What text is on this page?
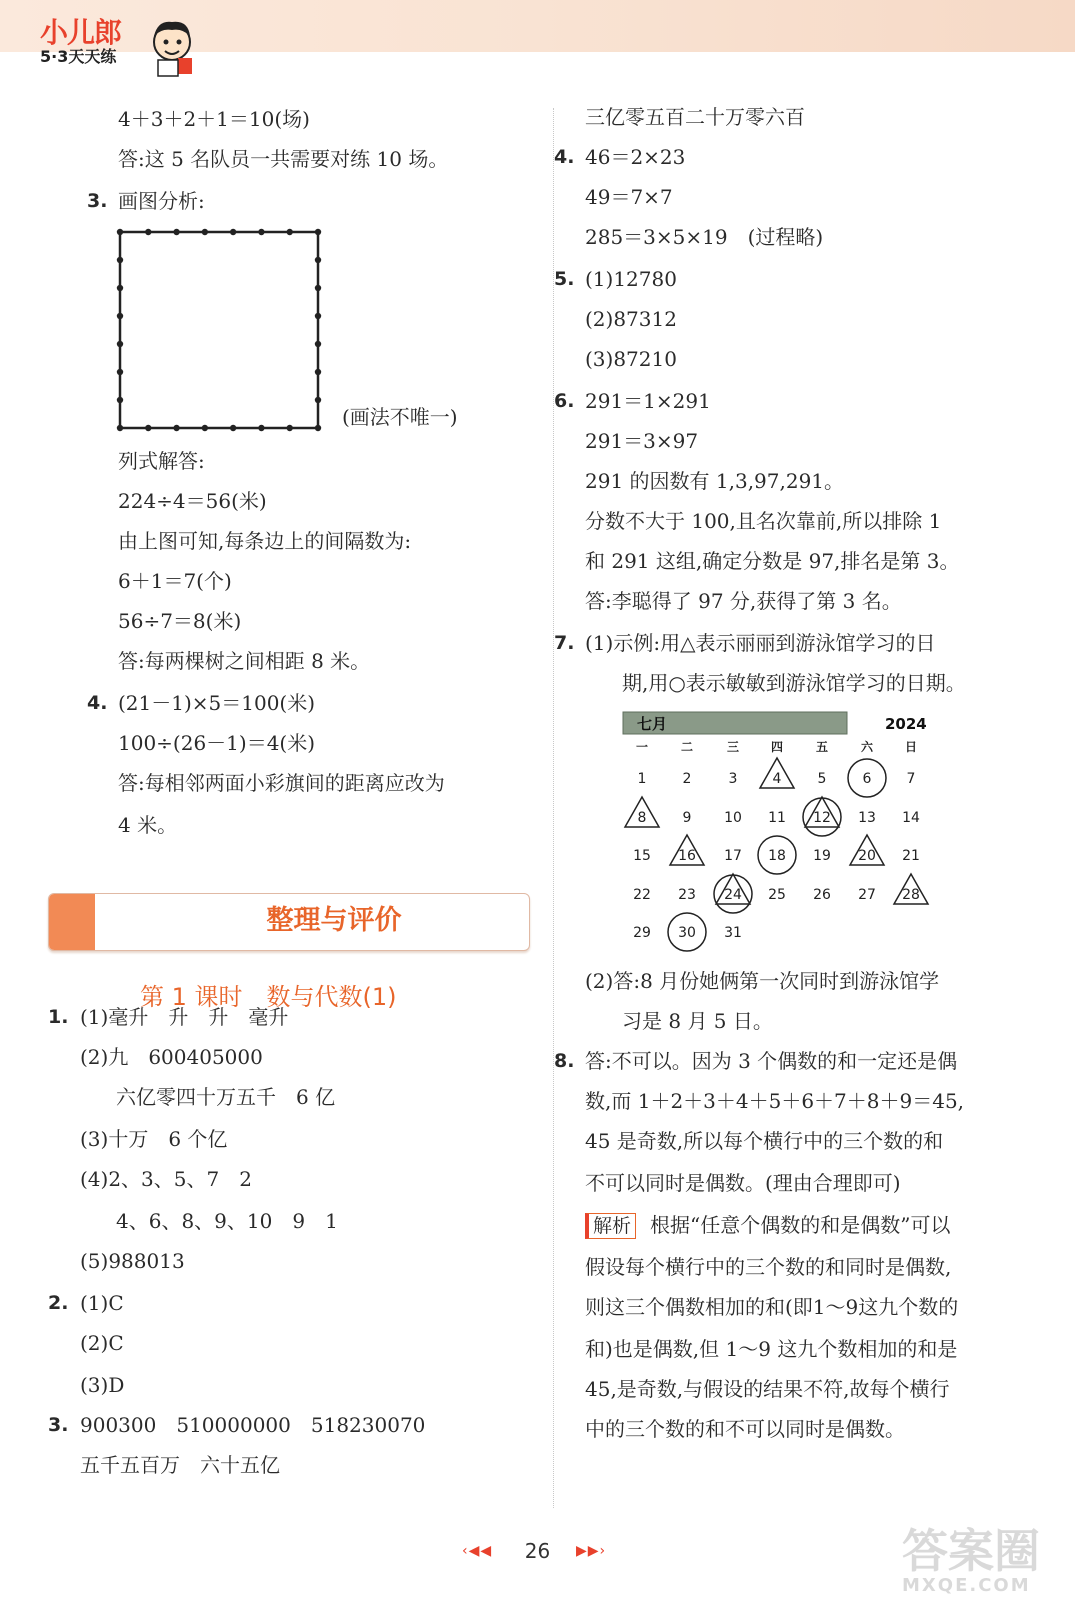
小儿郎
5·3天天练
4＋3＋2＋1＝10(场)
答:这 5 名队员一共需要对练 10 场。
3. 画图分析:
(画法不唯一)
列式解答:
224÷4＝56(米)
由上图可知,每条边上的间隔数为:
6＋1＝7(个)
56÷7＝8(米)
答:每两棵树之间相距 8 米。
4. (21－1)×5＝100(米)
100÷(26－1)＝4(米)
答:每相邻两面小彩旗间的距离应改为
4 米。
整理与评价
第 1 课时　数与代数(1)
1. (1)毫升　升　升　毫升
(2)九　600405000
六亿零四十万五千　6 亿
(3)十万　6 个亿
(4)2、3、5、7　2
4、6、8、9、10　9　1
(5)988013
2. (1)C
(2)C
(3)D
3. 900300　510000000　518230070
五千五百万　六十五亿
三亿零五百二十万零六百
4. 46＝2×23
49＝7×7
285＝3×5×19　(过程略)
5. (1)12780
(2)87312
(3)87210
6. 291＝1×291
291＝3×97
291 的因数有 1,3,97,291。
分数不大于 100,且名次靠前,所以排除 1
和 291 这组,确定分数是 97,排名是第 3。
答:李聪得了 97 分,获得了第 3 名。
7. (1)示例:用△表示丽丽到游泳馆学习的日
期,用○表示敏敏到游泳馆学习的日期。
七月	2024
一	二	三	四	五	六	日
1	2	3	4	5	6	7
8	9 10 11 12 13 14
15 16 17 18 19 20 21
22 23 24 25 26 27 28
29 30 31
(2)答:8 月份她俩第一次同时到游泳馆学
习是 8 月 5 日。
8. 答:不可以。因为 3 个偶数的和一定还是偶
数,而 1＋2＋3＋4＋5＋6＋7＋8＋9＝45,
45 是奇数,所以每个横行中的三个数的和
不可以同时是偶数。(理由合理即可)
解析 根据“任意个偶数的和是偶数”可以
假设每个横行中的三个数的和同时是偶数,
则这三个偶数相加的和(即1～9这九个数的
和)也是偶数,但 1～9 这九个数相加的和是
45,是奇数,与假设的结果不符,故每个横行
中的三个数的和不可以同时是偶数。
‹◀◀	26	▶▶›	答案圈
MXQE.COM
